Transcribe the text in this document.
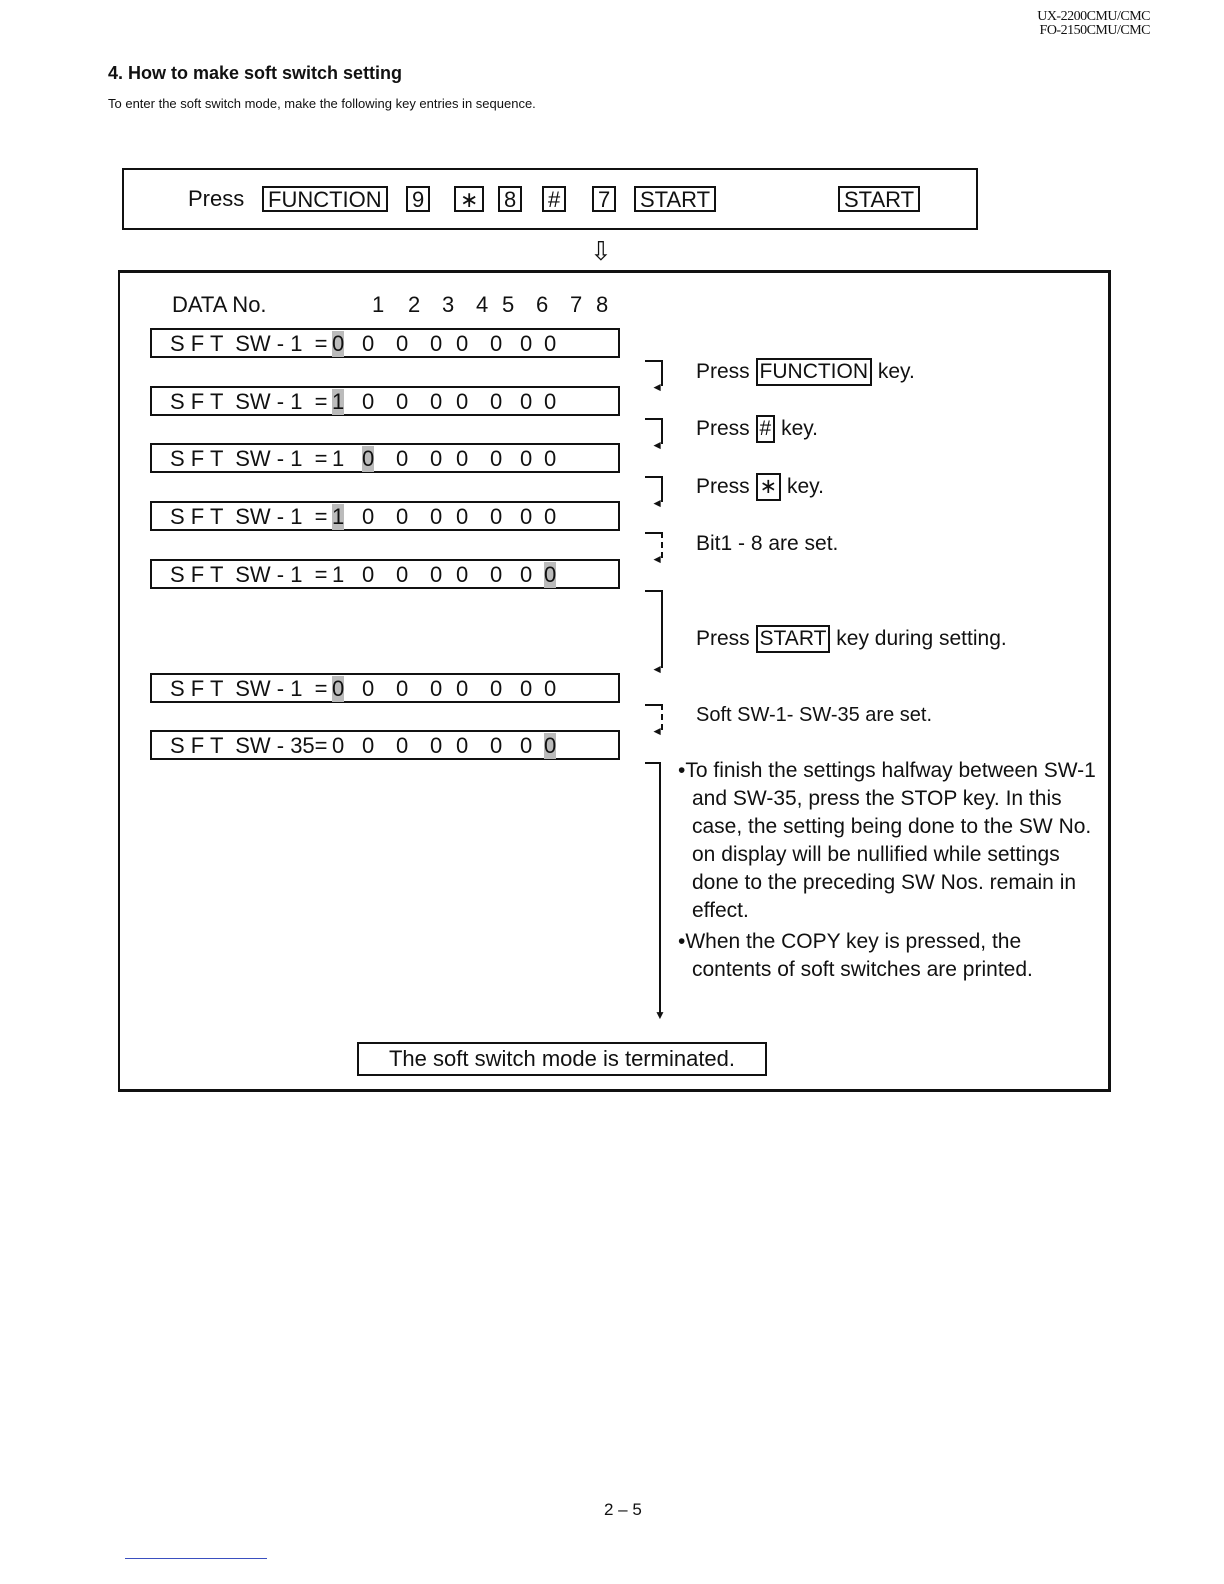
UX-2200CMU/CMC
FO-2150CMU/CMC
4. How to make soft switch setting
To enter the soft switch mode, make the following key entries in sequence.
Press FUNCTION 9 ∗ 8 # 7 START	START
⇩
DATA No.	1 2 3 4 5 6 7 8
S F T  SW - 1  = 0 0 0 0 0 0 0 0
S F T  SW - 1  = 1 0 0 0 0 0 0 0
S F T  SW - 1  = 1 0 0 0 0 0 0 0
S F T  SW - 1  = 1 0 0 0 0 0 0 0
S F T  SW - 1  = 1 0 0 0 0 0 0 0
S F T  SW - 1  = 0 0 0 0 0 0 0 0
S F T  SW - 35= 0 0 0 0 0 0 0 0
◄
◄
◄
◄
◄
◄
▼
Press FUNCTION key.
Press # key.
Press ∗ key.
Bit1 - 8 are set.
Press START key during setting.
Soft SW-1- SW-35 are set.
•To finish the settings halfway between SW-1 and SW-35, press the STOP key. In this case, the setting being done to the SW No. on display will be nullified while settings done to the preceding SW Nos. remain in effect.
•When the COPY key is pressed, the contents of soft switches are printed.
The soft switch mode is terminated.
2 – 5
